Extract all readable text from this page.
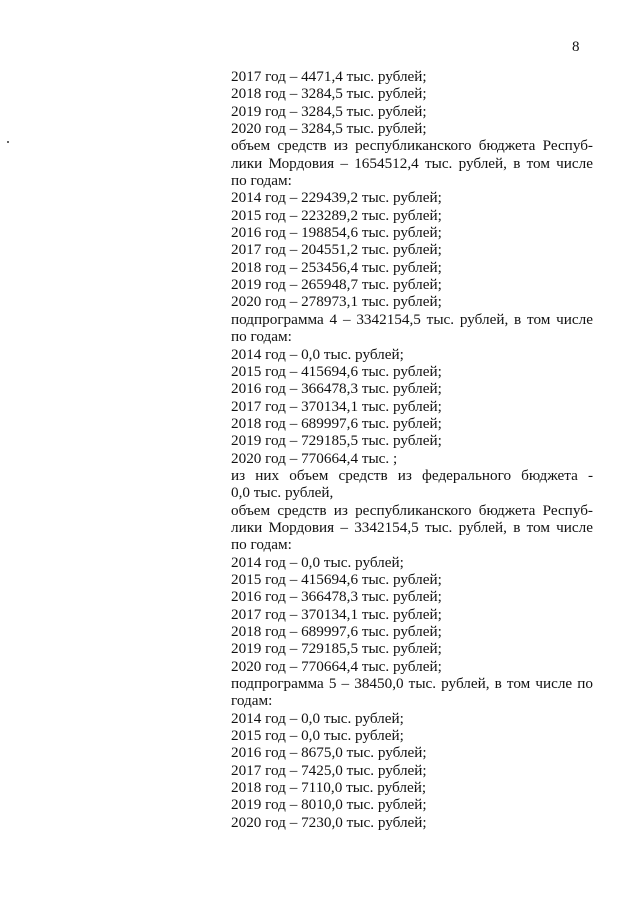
8
2017 год – 4471,4 тыс. рублей;
2018 год – 3284,5 тыс. рублей;
2019 год – 3284,5 тыс. рублей;
2020 год – 3284,5 тыс. рублей;
объем средств из республиканского бюджета Респуб-
лики Мордовия – 1654512,4 тыс. рублей, в том числе
по годам:
2014 год – 229439,2 тыс. рублей;
2015 год – 223289,2 тыс. рублей;
2016 год – 198854,6 тыс. рублей;
2017 год – 204551,2 тыс. рублей;
2018 год – 253456,4 тыс. рублей;
2019 год – 265948,7 тыс. рублей;
2020 год – 278973,1 тыс. рублей;
подпрограмма 4 – 3342154,5 тыс. рублей, в том числе
по годам:
2014 год – 0,0 тыс. рублей;
2015 год – 415694,6 тыс. рублей;
2016 год – 366478,3 тыс. рублей;
2017 год – 370134,1 тыс. рублей;
2018 год – 689997,6 тыс. рублей;
2019 год – 729185,5 тыс. рублей;
2020 год – 770664,4 тыс. ;
из них объем средств из федерального бюджета -
0,0 тыс. рублей,
объем средств из республиканского бюджета Респуб-
лики Мордовия – 3342154,5 тыс. рублей, в том числе
по годам:
2014 год – 0,0 тыс. рублей;
2015 год – 415694,6 тыс. рублей;
2016 год – 366478,3 тыс. рублей;
2017 год – 370134,1 тыс. рублей;
2018 год – 689997,6 тыс. рублей;
2019 год – 729185,5 тыс. рублей;
2020 год – 770664,4 тыс. рублей;
подпрограмма 5 – 38450,0 тыс. рублей, в том числе по
годам:
2014 год – 0,0 тыс. рублей;
2015 год – 0,0 тыс. рублей;
2016 год – 8675,0 тыс. рублей;
2017 год – 7425,0 тыс. рублей;
2018 год – 7110,0 тыс. рублей;
2019 год – 8010,0 тыс. рублей;
2020 год – 7230,0 тыс. рублей;
